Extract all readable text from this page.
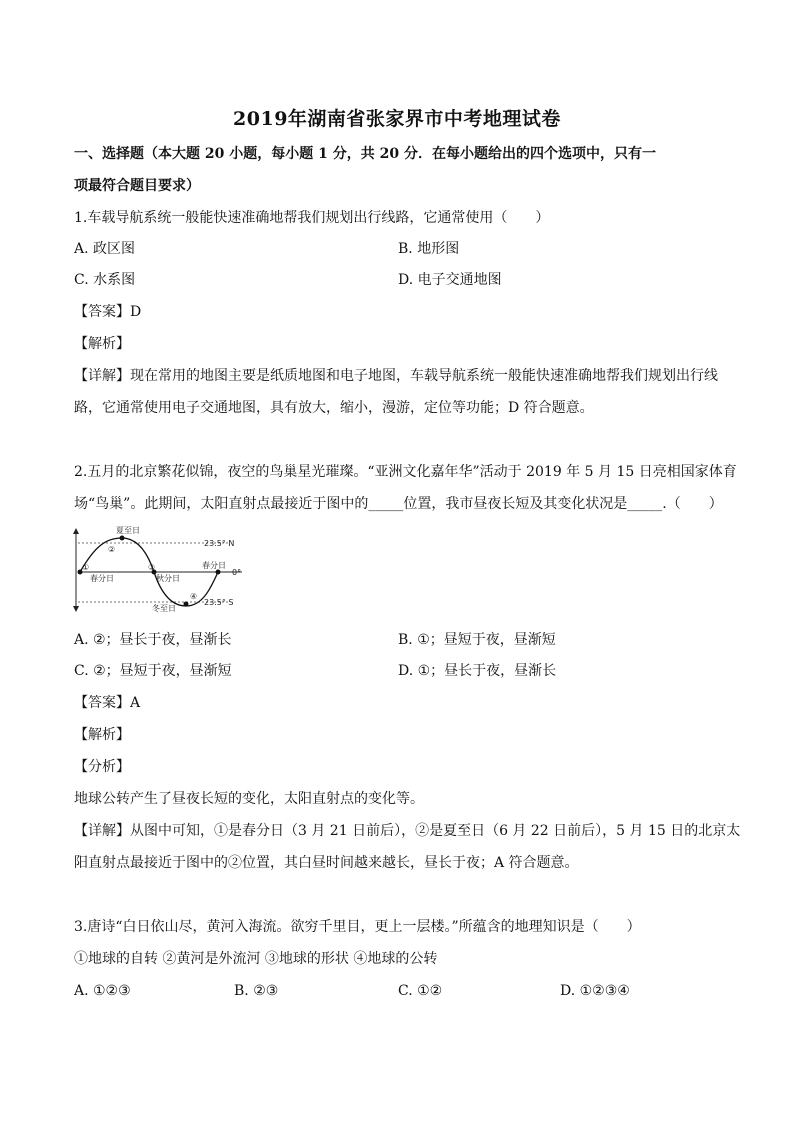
2019年湖南省张家界市中考地理试卷
一、选择题（本大题 20 小题，每小题 1 分，共 20 分．在每小题给出的四个选项中，只有一
项最符合题目要求）
1.车载导航系统一般能快速准确地帮我们规划出行线路，它通常使用（　　）
A. 政区图	B. 地形图
C. 水系图	D. 电子交通地图
【答案】D
【解析】
【详解】现在常用的地图主要是纸质地图和电子地图，车载导航系统一般能快速准确地帮我们规划出行线
路，它通常使用电子交通地图，具有放大，缩小，漫游，定位等功能；D 符合题意。
2.五月的北京繁花似锦，夜空的鸟巢星光璀璨。“亚洲文化嘉年华”活动于 2019 年 5 月 15 日亮相国家体育
场“鸟巢”。此期间，太阳直射点最接近于图中的_____位置，我市昼夜长短及其变化状况是_____.（　　）
夏至日
②
①
春分日
③
秋分日
春分日
④
冬至日
23.5° N
0°
23.5° S
A. ②；昼长于夜，昼渐长	B. ①；昼短于夜，昼渐短
C. ②；昼短于夜，昼渐短	D. ①；昼长于夜，昼渐长
【答案】A
【解析】
【分析】
地球公转产生了昼夜长短的变化，太阳直射点的变化等。
【详解】从图中可知，①是春分日（3 月 21 日前后），②是夏至日（6 月 22 日前后），5 月 15 日的北京太
阳直射点最接近于图中的②位置，其白昼时间越来越长，昼长于夜；A 符合题意。
3.唐诗“白日依山尽，黄河入海流。欲穷千里目，更上一层楼。”所蕴含的地理知识是（　　）
①地球的自转 ②黄河是外流河 ③地球的形状 ④地球的公转
A. ①②③	B. ②③	C. ①②	D. ①②③④
